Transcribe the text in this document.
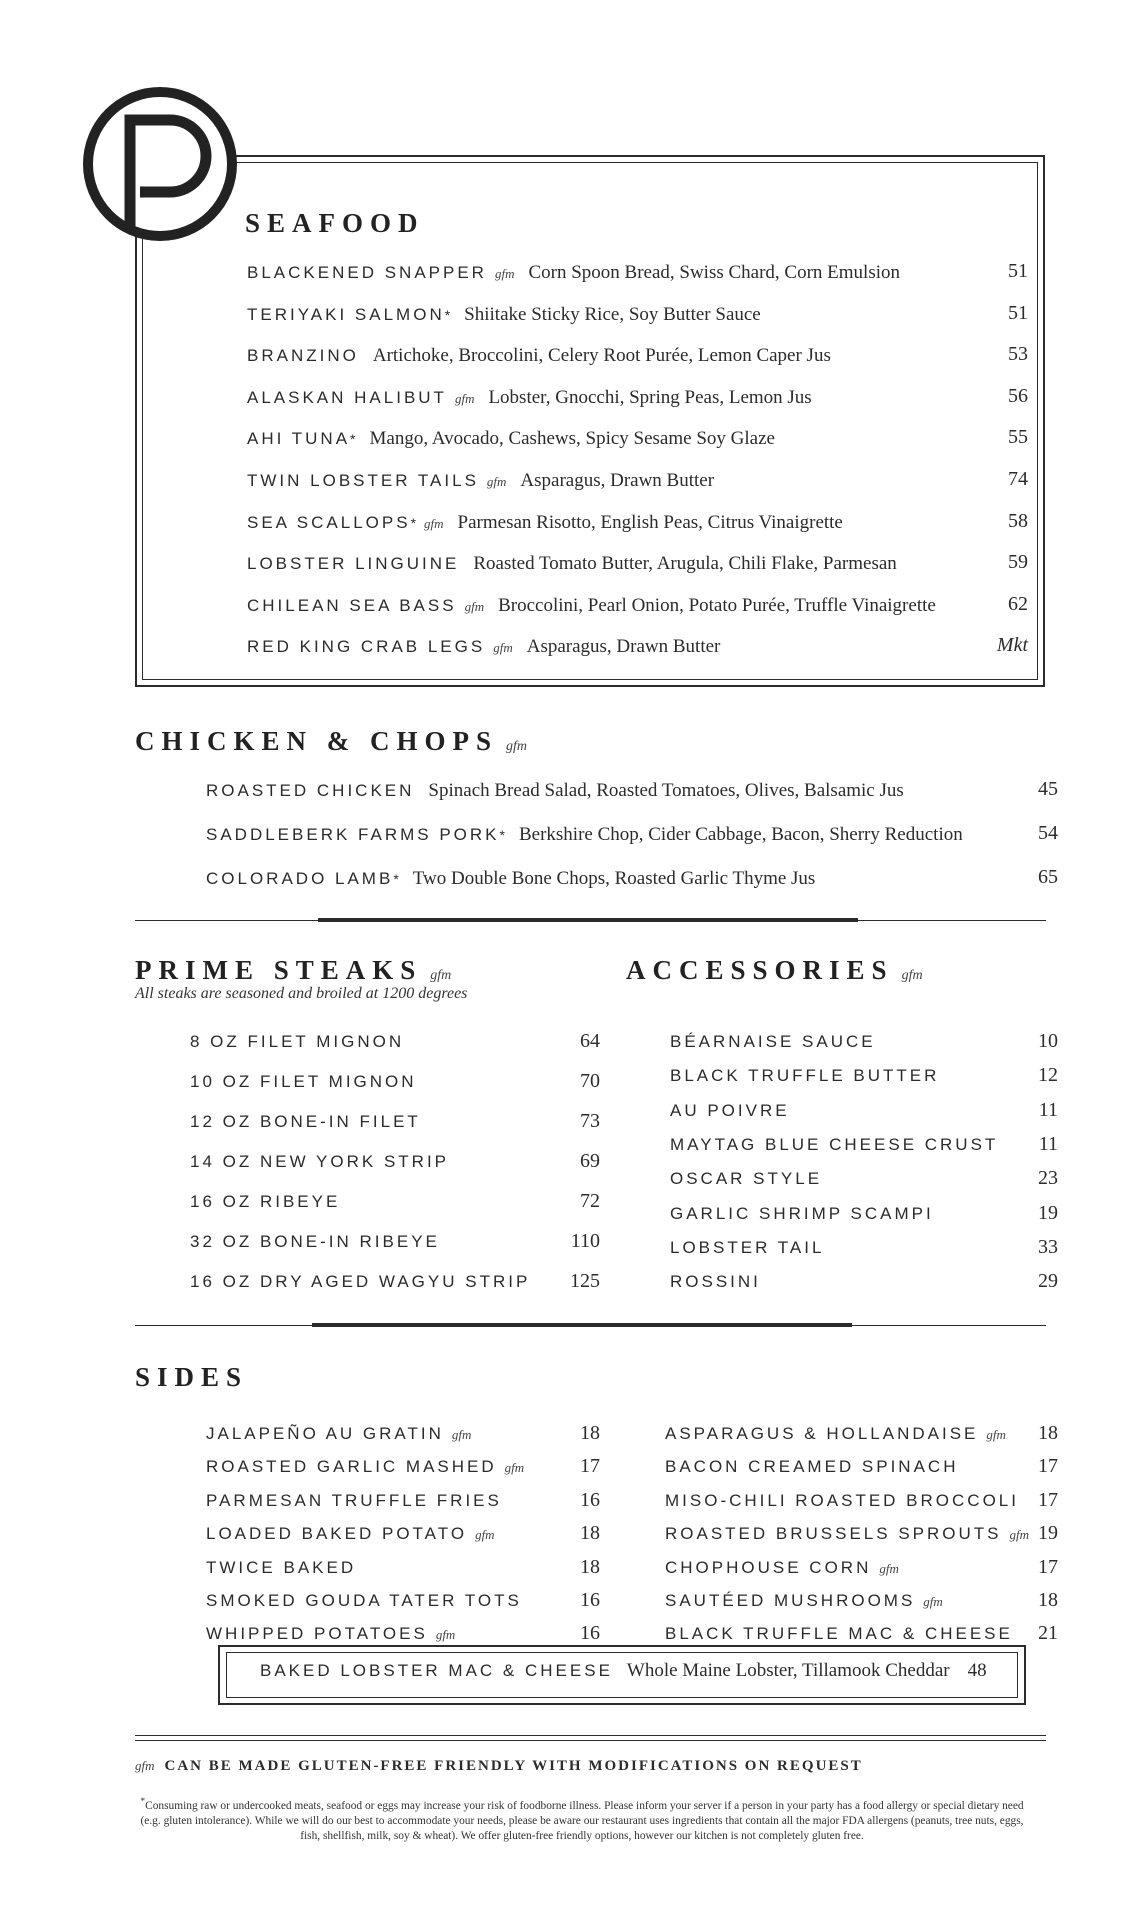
SEAFOOD
BLACKENED SNAPPER gfm Corn Spoon Bread, Swiss Chard, Corn Emulsion	51
TERIYAKI SALMON * Shiitake Sticky Rice, Soy Butter Sauce	51
BRANZINO Artichoke, Broccolini, Celery Root Purée, Lemon Caper Jus	53
ALASKAN HALIBUT gfm Lobster, Gnocchi, Spring Peas, Lemon Jus	56
AHI TUNA * Mango, Avocado, Cashews, Spicy Sesame Soy Glaze	55
TWIN LOBSTER TAILS gfm Asparagus, Drawn Butter	74
SEA SCALLOPS * gfm Parmesan Risotto, English Peas, Citrus Vinaigrette	58
LOBSTER LINGUINE Roasted Tomato Butter, Arugula, Chili Flake, Parmesan	59
CHILEAN SEA BASS gfm Broccolini, Pearl Onion, Potato Purée, Truffle Vinaigrette	62
RED KING CRAB LEGS gfm Asparagus, Drawn Butter	Mkt
CHICKEN & CHOPS gfm
ROASTED CHICKEN Spinach Bread Salad, Roasted Tomatoes, Olives, Balsamic Jus	45
SADDLEBERK FARMS PORK * Berkshire Chop, Cider Cabbage, Bacon, Sherry Reduction	54
COLORADO LAMB * Two Double Bone Chops, Roasted Garlic Thyme Jus	65
PRIME STEAKS gfm
All steaks are seasoned and broiled at 1200 degrees
8 OZ FILET MIGNON	64
10 OZ FILET MIGNON	70
12 OZ BONE-IN FILET	73
14 OZ NEW YORK STRIP	69
16 OZ RIBEYE	72
32 OZ BONE-IN RIBEYE	110
16 OZ DRY AGED WAGYU STRIP	125
ACCESSORIES gfm
BÉARNAISE SAUCE	10
BLACK TRUFFLE BUTTER	12
AU POIVRE	11
MAYTAG BLUE CHEESE CRUST	11
OSCAR STYLE	23
GARLIC SHRIMP SCAMPI	19
LOBSTER TAIL	33
ROSSINI	29
SIDES
JALAPEÑO AU GRATIN gfm	18
ROASTED GARLIC MASHED gfm	17
PARMESAN TRUFFLE FRIES	16
LOADED BAKED POTATO gfm	18
TWICE BAKED	18
SMOKED GOUDA TATER TOTS	16
WHIPPED POTATOES gfm	16
ASPARAGUS & HOLLANDAISE gfm	18
BACON CREAMED SPINACH	17
MISO-CHILI ROASTED BROCCOLI 17
ROASTED BRUSSELS SPROUTS gfm 19
CHOPHOUSE CORN gfm	17
SAUTÉED MUSHROOMS gfm	18
BLACK TRUFFLE MAC & CHEESE	21
BAKED LOBSTER MAC & CHEESE Whole Maine Lobster, Tillamook Cheddar 48
gfm CAN BE MADE GLUTEN-FREE FRIENDLY WITH MODIFICATIONS ON REQUEST
*Consuming raw or undercooked meats, seafood or eggs may increase your risk of foodborne illness. Please inform your server if a person in your party has a food allergy or special dietary need (e.g. gluten intolerance). While we will do our best to accommodate your needs, please be aware our restaurant uses ingredients that contain all the major FDA allergens (peanuts, tree nuts, eggs, fish, shellfish, milk, soy & wheat). We offer gluten-free friendly options, however our kitchen is not completely gluten free.
